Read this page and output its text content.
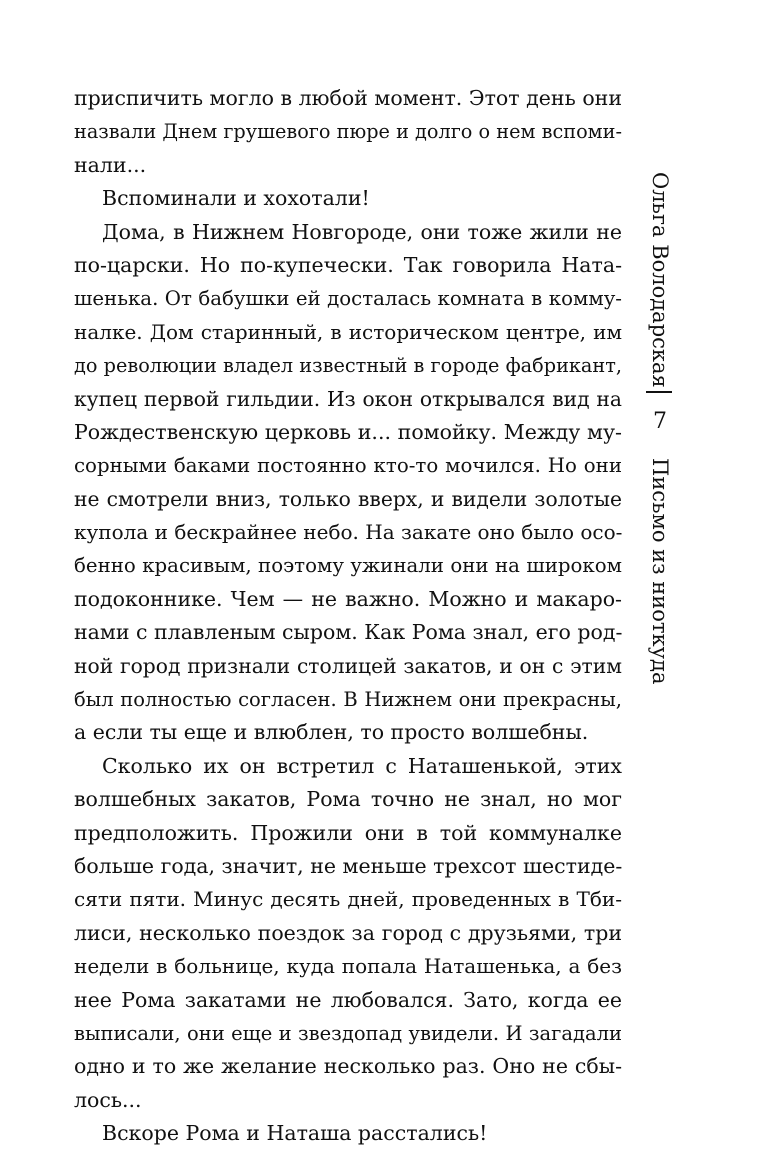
приспичить могло в любой момент. Этот день они
назвали Днем грушевого пюре и долго о нем вспоми-
нали...
Вспоминали и хохотали!
Дома, в Нижнем Новгороде, они тоже жили не
по-царски. Но по-купечески. Так говорила Ната-
шенька. От бабушки ей досталась комната в комму-
налке. Дом старинный, в историческом центре, им
до революции владел известный в городе фабрикант,
купец первой гильдии. Из окон открывался вид на
Рождественскую церковь и... помойку. Между му-
сорными баками постоянно кто-то мочился. Но они
не смотрели вниз, только вверх, и видели золотые
купола и бескрайнее небо. На закате оно было осо-
бенно красивым, поэтому ужинали они на широком
подоконнике. Чем — не важно. Можно и макаро-
нами с плавленым сыром. Как Рома знал, его род-
ной город признали столицей закатов, и он с этим
был полностью согласен. В Нижнем они прекрасны,
а если ты еще и влюблен, то просто волшебны.
Сколько их он встретил с Наташенькой, этих
волшебных закатов, Рома точно не знал, но мог
предположить. Прожили они в той коммуналке
больше года, значит, не меньше трехсот шестиде-
сяти пяти. Минус десять дней, проведенных в Тби-
лиси, несколько поездок за город с друзьями, три
недели в больнице, куда попала Наташенька, а без
нее Рома закатами не любовался. Зато, когда ее
выписали, они еще и звездопад увидели. И загадали
одно и то же желание несколько раз. Оно не сбы-
лось...
Вскоре Рома и Наташа расстались!
Ольга Володарская
7
Письмо из ниоткуда
